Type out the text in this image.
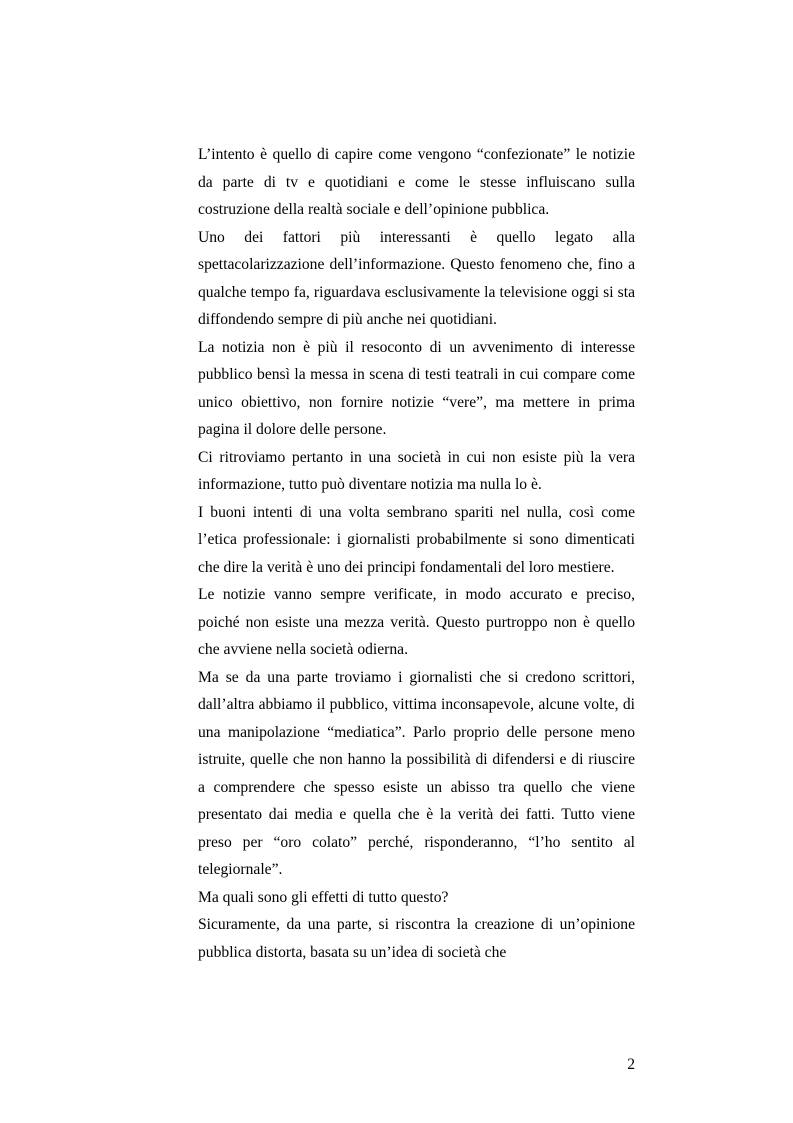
L’intento è quello di capire come vengono “confezionate” le notizie da parte di tv e quotidiani e come le stesse influiscano sulla costruzione della realtà sociale e dell’opinione pubblica.

Uno dei fattori più interessanti è quello legato alla spettacolarizzazione dell’informazione. Questo fenomeno che, fino a qualche tempo fa, riguardava esclusivamente la televisione oggi si sta diffondendo sempre di più anche nei quotidiani.

La notizia non è più il resoconto di un avvenimento di interesse pubblico bensì la messa in scena di testi teatrali in cui compare come unico obiettivo, non fornire notizie “vere”, ma mettere in prima pagina il dolore delle persone.

Ci ritroviamo pertanto in una società in cui non esiste più la vera informazione, tutto può diventare notizia ma nulla lo è.

I buoni intenti di una volta sembrano spariti nel nulla, così come l’etica professionale: i giornalisti probabilmente si sono dimenticati che dire la verità è uno dei principi fondamentali del loro mestiere.

Le notizie vanno sempre verificate, in modo accurato e preciso, poiché non esiste una mezza verità. Questo purtroppo non è quello che avviene nella società odierna.

Ma se da una parte troviamo i giornalisti che si credono scrittori, dall’altra abbiamo il pubblico, vittima inconsapevole, alcune volte, di una manipolazione “mediatica”. Parlo proprio delle persone meno istruite, quelle che non hanno la possibilità di difendersi e di riuscire a comprendere che spesso esiste un abisso tra quello che viene presentato dai media e quella che è la verità dei fatti. Tutto viene preso per “oro colato” perché, risponderanno, “l’ho sentito al telegiornale”.

Ma quali sono gli effetti di tutto questo?

Sicuramente, da una parte, si riscontra la creazione di un’opinione pubblica distorta, basata su un’idea di società che

2
